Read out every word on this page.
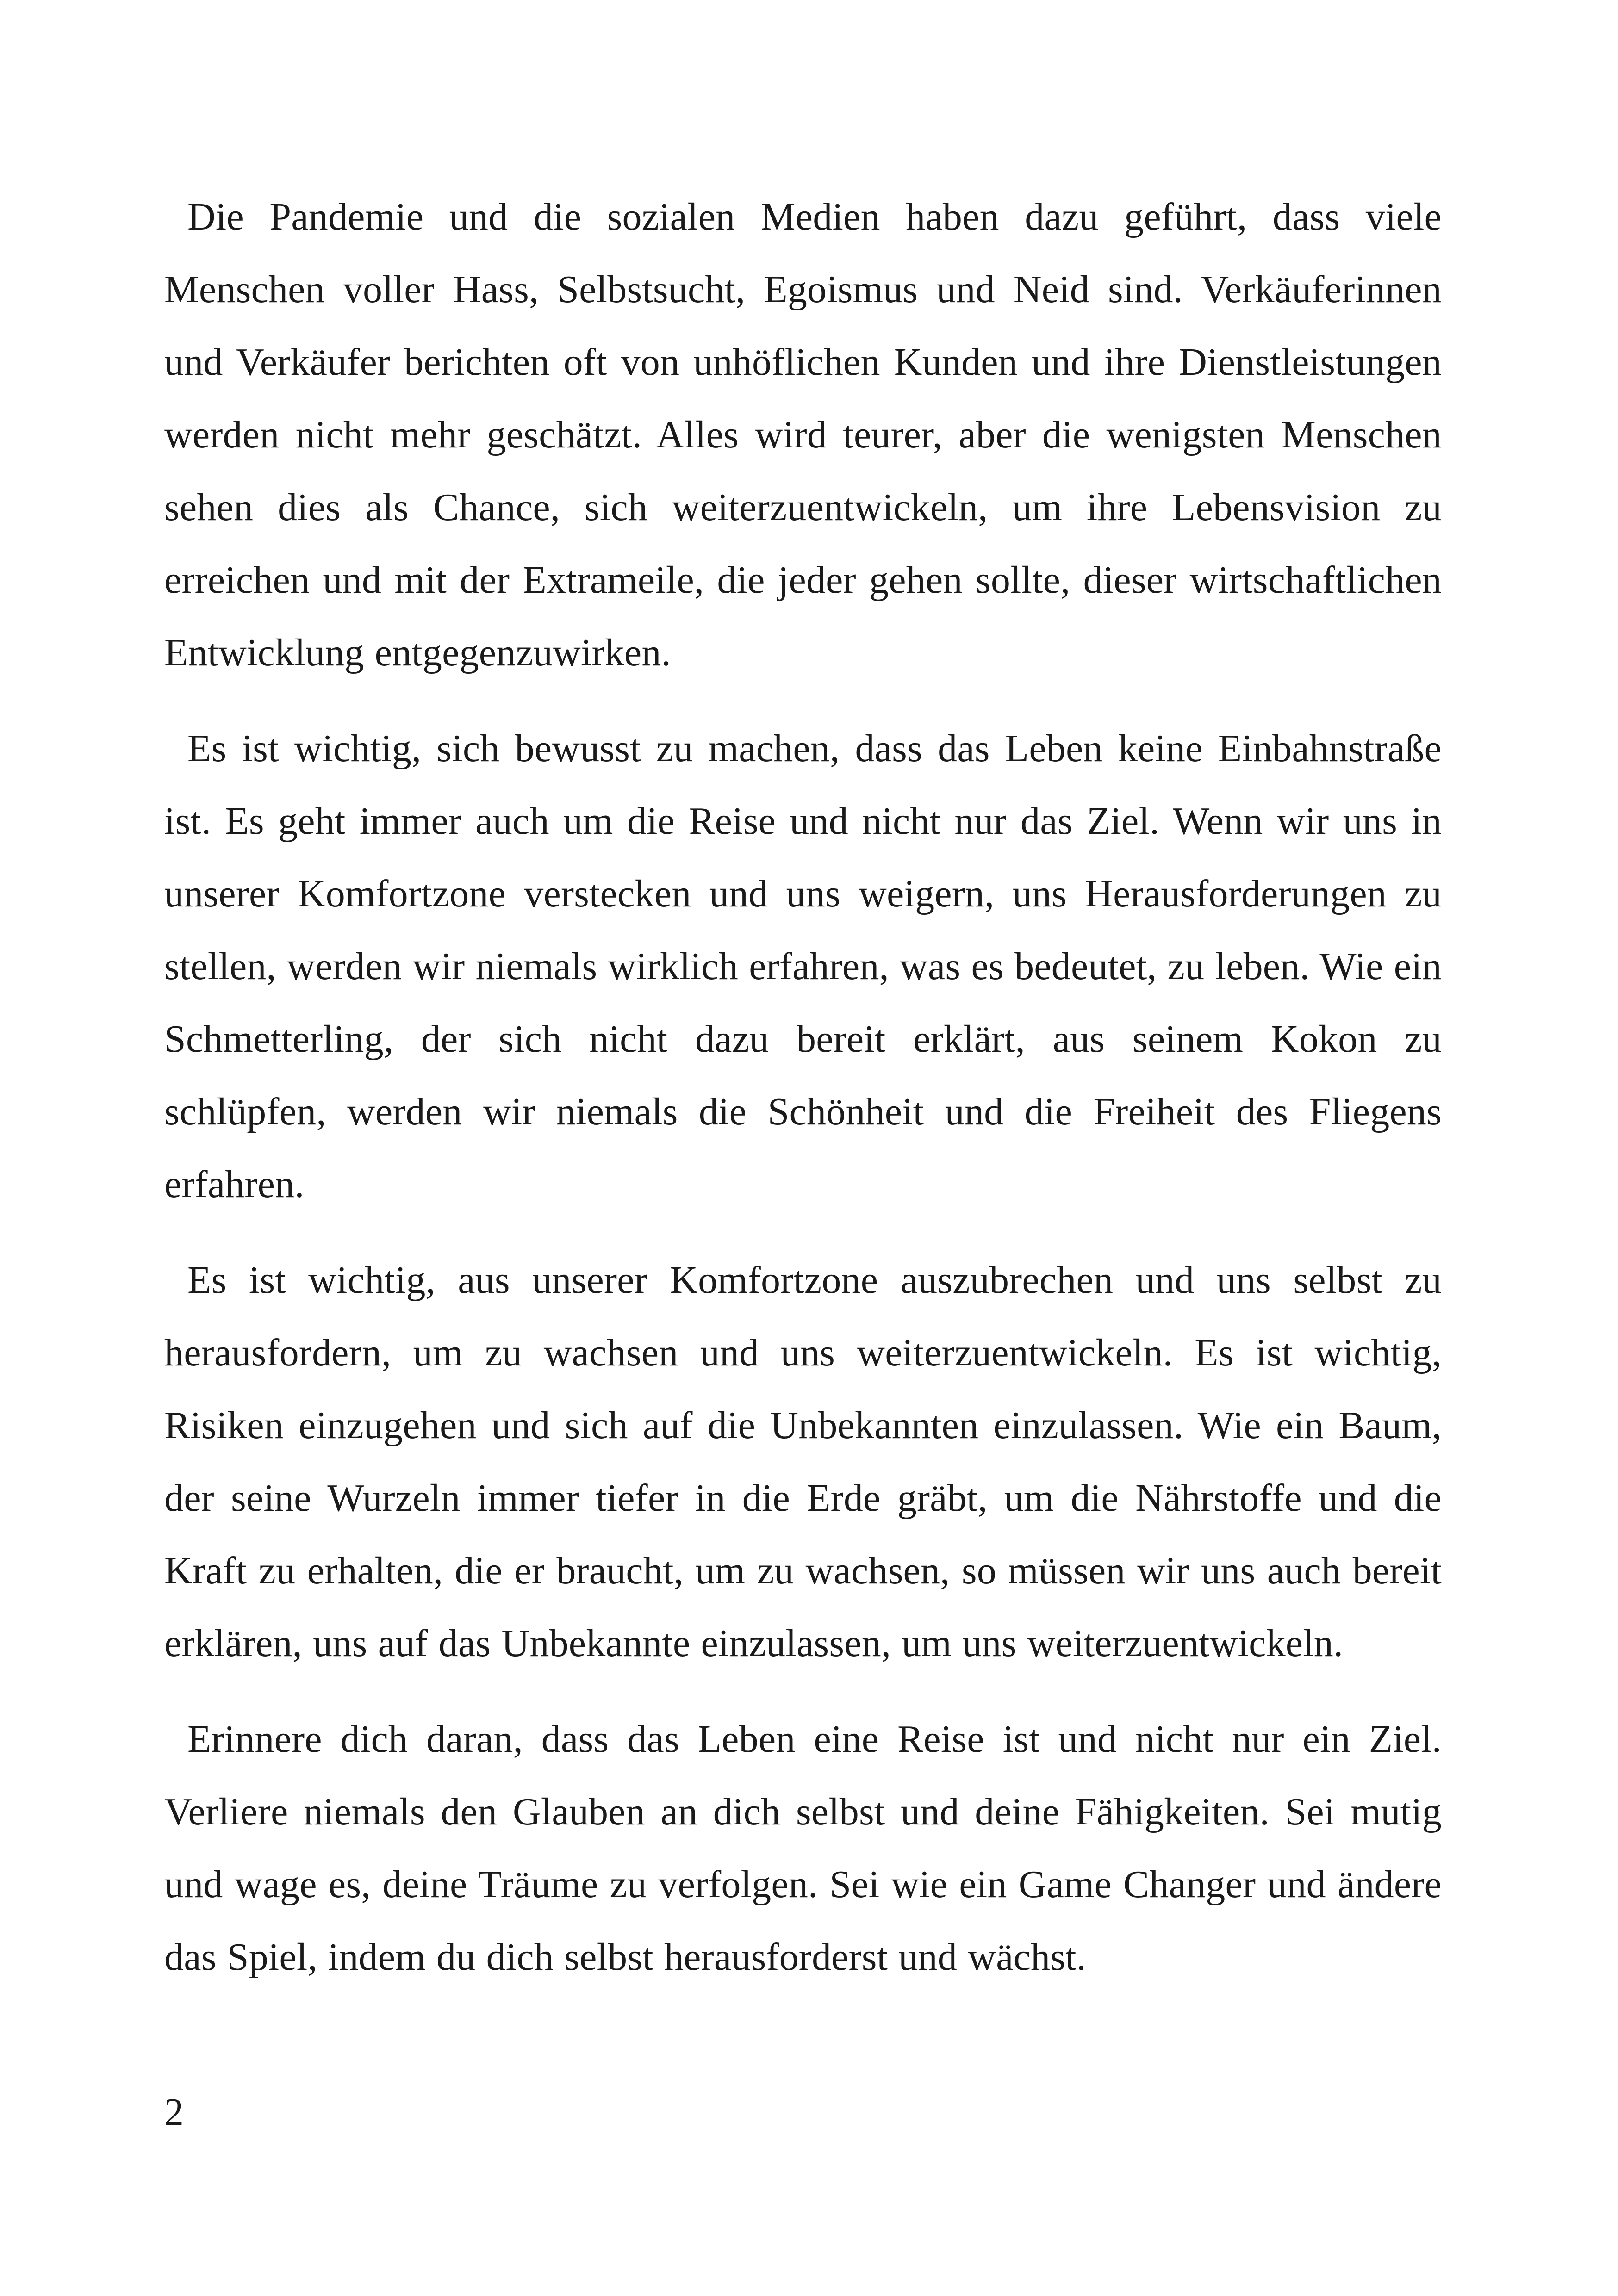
Die Pandemie und die sozialen Medien haben dazu geführt, dass viele Menschen voller Hass, Selbstsucht, Egoismus und Neid sind. Verkäuferinnen und Verkäufer berichten oft von unhöflichen Kunden und ihre Dienstleistungen werden nicht mehr geschätzt. Alles wird teurer, aber die wenigsten Menschen sehen dies als Chance, sich weiterzuentwickeln, um ihre Lebensvision zu erreichen und mit der Extrameile, die jeder gehen sollte, dieser wirtschaftlichen Entwicklung entgegenzuwirken.

Es ist wichtig, sich bewusst zu machen, dass das Leben keine Einbahnstraße ist. Es geht immer auch um die Reise und nicht nur das Ziel. Wenn wir uns in unserer Komfortzone verstecken und uns weigern, uns Herausforderungen zu stellen, werden wir niemals wirklich erfahren, was es bedeutet, zu leben. Wie ein Schmetterling, der sich nicht dazu bereit erklärt, aus seinem Kokon zu schlüpfen, werden wir niemals die Schönheit und die Freiheit des Fliegens erfahren.

Es ist wichtig, aus unserer Komfortzone auszubrechen und uns selbst zu herausfordern, um zu wachsen und uns weiterzuentwickeln. Es ist wichtig, Risiken einzugehen und sich auf die Unbekannten einzulassen. Wie ein Baum, der seine Wurzeln immer tiefer in die Erde gräbt, um die Nährstoffe und die Kraft zu erhalten, die er braucht, um zu wachsen, so müssen wir uns auch bereit erklären, uns auf das Unbekannte einzulassen, um uns weiterzuentwickeln.

Erinnere dich daran, dass das Leben eine Reise ist und nicht nur ein Ziel. Verliere niemals den Glauben an dich selbst und deine Fähigkeiten. Sei mutig und wage es, deine Träume zu verfolgen. Sei wie ein Game Changer und ändere das Spiel, indem du dich selbst herausforderst und wächst.

2
